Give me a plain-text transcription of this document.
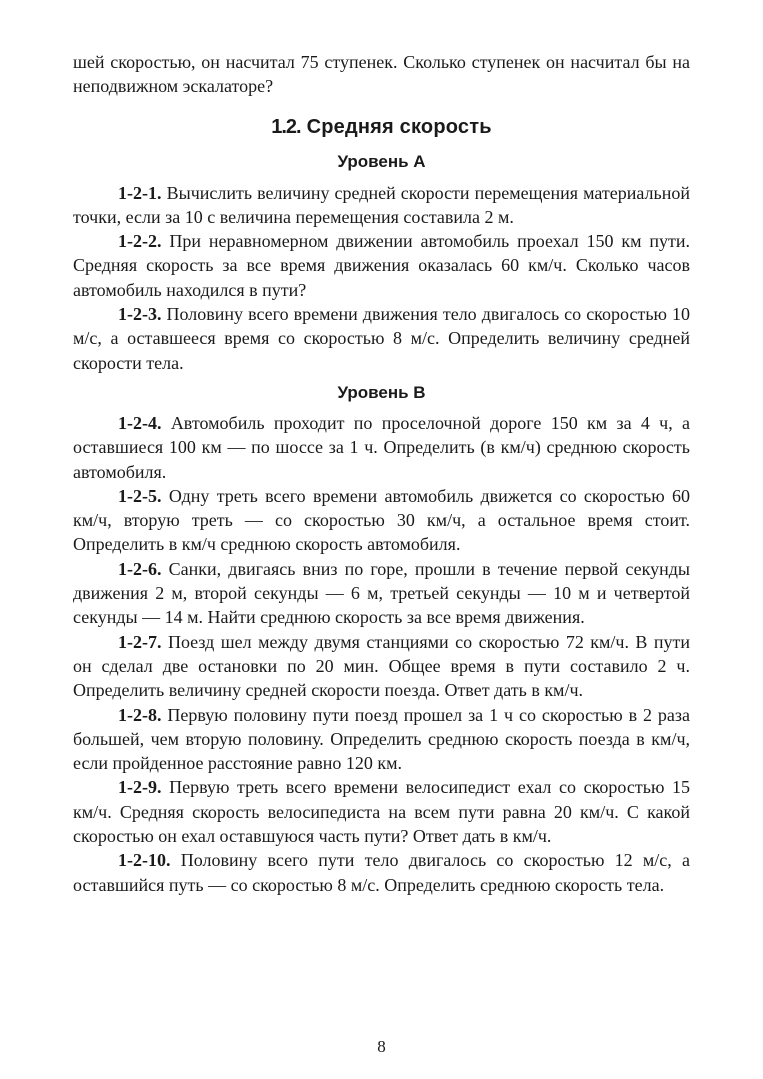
шей скоростью, он насчитал 75 ступенек. Сколько ступенек он насчитал бы на неподвижном эскалаторе?

1.2. Средняя скорость
Уровень А

1-2-1. Вычислить величину средней скорости перемещения материальной точки, если за 10 с величина перемещения составила 2 м.

1-2-2. При неравномерном движении автомобиль проехал 150 км пути. Средняя скорость за все время движения оказалась 60 км/ч. Сколько часов автомобиль находился в пути?

1-2-3. Половину всего времени движения тело двигалось со скоростью 10 м/с, а оставшееся время со скоростью 8 м/с. Определить величину средней скорости тела.

Уровень В

1-2-4. Автомобиль проходит по проселочной дороге 150 км за 4 ч, а оставшиеся 100 км — по шоссе за 1 ч. Определить (в км/ч) среднюю скорость автомобиля.

1-2-5. Одну треть всего времени автомобиль движется со скоростью 60 км/ч, вторую треть — со скоростью 30 км/ч, а остальное время стоит. Определить в км/ч среднюю скорость автомобиля.

1-2-6. Санки, двигаясь вниз по горе, прошли в течение первой секунды движения 2 м, второй секунды — 6 м, третьей секунды — 10 м и четвертой секунды — 14 м. Найти среднюю скорость за все время движения.

1-2-7. Поезд шел между двумя станциями со скоростью 72 км/ч. В пути он сделал две остановки по 20 мин. Общее время в пути составило 2 ч. Определить величину средней скорости поезда. Ответ дать в км/ч.

1-2-8. Первую половину пути поезд прошел за 1 ч со скоростью в 2 раза большей, чем вторую половину. Определить среднюю скорость поезда в км/ч, если пройденное расстояние равно 120 км.

1-2-9. Первую треть всего времени велосипедист ехал со скоростью 15 км/ч. Средняя скорость велосипедиста на всем пути равна 20 км/ч. С какой скоростью он ехал оставшуюся часть пути? Ответ дать в км/ч.

1-2-10. Половину всего пути тело двигалось со скоростью 12 м/с, а оставшийся путь — со скоростью 8 м/с. Определить среднюю скорость тела.

8
